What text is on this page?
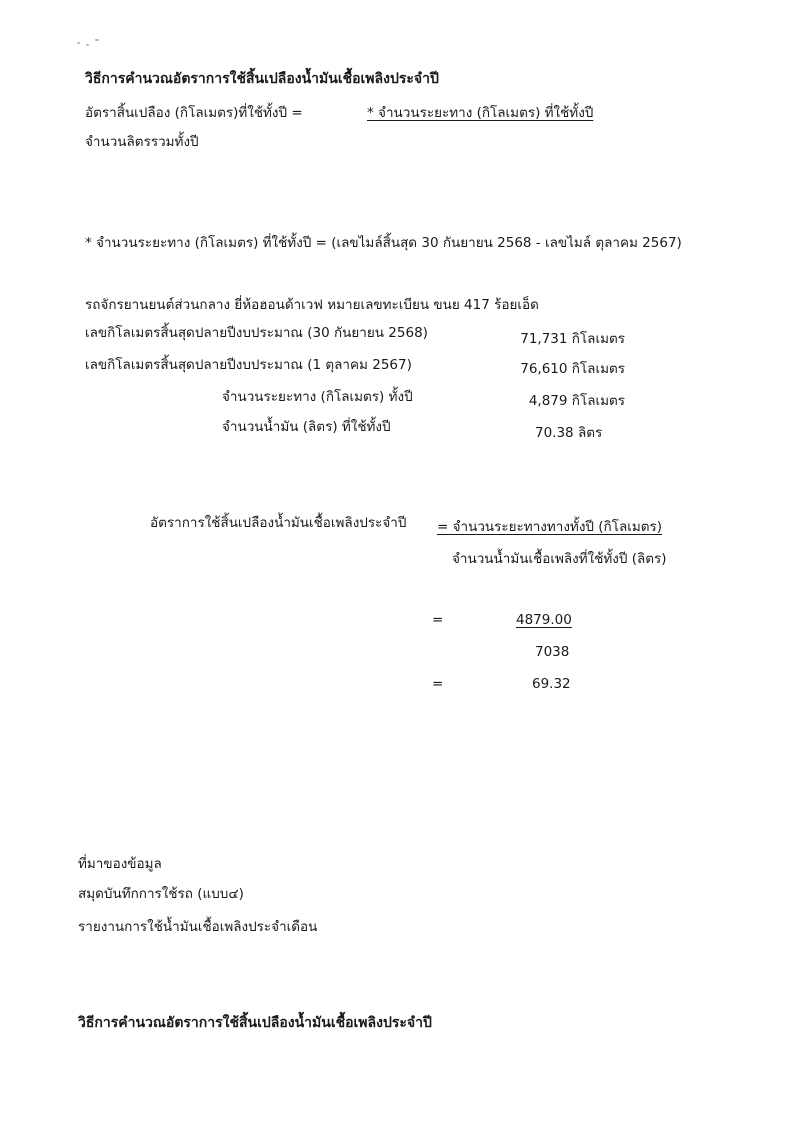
วิธีการคำนวณอัตราการใช้สิ้นเปลืองน้ำมันเชื้อเพลิงประจำปี
อัตราสิ้นเปลือง (กิโลเมตร)ที่ใช้ทั้งปี =	* จำนวนระยะทาง (กิโลเมตร) ที่ใช้ทั้งปี
จำนวนลิตรรวมทั้งปี
* จำนวนระยะทาง (กิโลเมตร) ที่ใช้ทั้งปี = (เลขไมล์สิ้นสุด 30 กันยายน 2568 - เลขไมล์ ตุลาคม 2567)
รถจักรยานยนต์ส่วนกลาง ยี่ห้อฮอนด้าเวฟ หมายเลขทะเบียน ขนย 417 ร้อยเอ็ด
เลขกิโลเมตรสิ้นสุดปลายปีงบประมาณ (30 กันยายน 2568)	71,731 กิโลเมตร
เลขกิโลเมตรสิ้นสุดปลายปีงบประมาณ (1 ตุลาคม 2567)	76,610 กิโลเมตร
จำนวนระยะทาง (กิโลเมตร) ทั้งปี	4,879 กิโลเมตร
จำนวนน้ำมัน (ลิตร) ที่ใช้ทั้งปี	70.38 ลิตร
อัตราการใช้สิ้นเปลืองน้ำมันเชื้อเพลิงประจำปี = จำนวนระยะทางทางทั้งปี (กิโลเมตร)
จำนวนน้ำมันเชื้อเพลิงที่ใช้ทั้งปี (ลิตร)
=	4879.00
7038
=	69.32
ที่มาของข้อมูล
สมุดบันทึกการใช้รถ (แบบ๔)
รายงานการใช้น้ำมันเชื้อเพลิงประจำเดือน
วิธีการคำนวณอัตราการใช้สิ้นเปลืองน้ำมันเชื้อเพลิงประจำปี
